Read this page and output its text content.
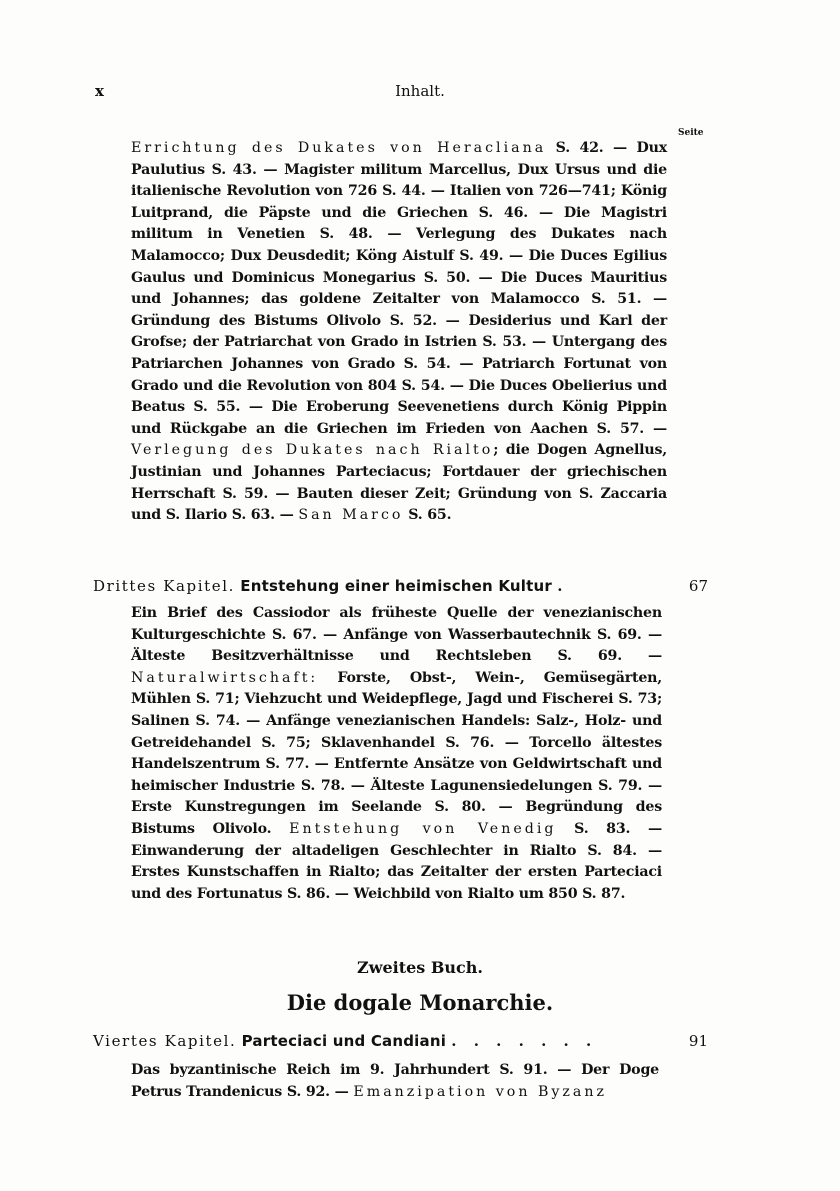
x	Inhalt.
Seite
Errichtung des Dukates von Heracliana S. 42. — Dux Paulutius S. 43. — Magister militum Marcellus, Dux Ursus und die italienische Revolution von 726 S. 44. — Italien von 726—741; König Luitprand, die Päpste und die Griechen S. 46. — Die Magistri militum in Venetien S. 48. — Verlegung des Dukates nach Malamocco; Dux Deusdedit; Köng Aistulf S. 49. — Die Duces Egilius Gaulus und Dominicus Monegarius S. 50. — Die Duces Mauritius und Johannes; das goldene Zeitalter von Malamocco S. 51. — Gründung des Bistums Olivolo S. 52. — Desiderius und Karl der Grofse; der Patriarchat von Grado in Istrien S. 53. — Untergang des Patriarchen Johannes von Grado S. 54. — Patriarch Fortunat von Grado und die Revolution von 804 S. 54. — Die Duces Obelierius und Beatus S. 55. — Die Eroberung Seevenetiens durch König Pippin und Rückgabe an die Griechen im Frieden von Aachen S. 57. — Verlegung des Dukates nach Rialto; die Dogen Agnellus, Justinian und Johannes Parteciacus; Fortdauer der griechischen Herrschaft S. 59. — Bauten dieser Zeit; Gründung von S. Zaccaria und S. Ilario S. 63. — San Marco S. 65.
Drittes Kapitel. Entstehung einer heimischen Kultur .	67
Ein Brief des Cassiodor als früheste Quelle der venezianischen Kulturgeschichte S. 67. — Anfänge von Wasserbautechnik S. 69. — Älteste Besitzverhältnisse und Rechtsleben S. 69. — Naturalwirtschaft: Forste, Obst-, Wein-, Gemüsegärten, Mühlen S. 71; Viehzucht und Weidepflege, Jagd und Fischerei S. 73; Salinen S. 74. — Anfänge venezianischen Handels: Salz-, Holz- und Getreidehandel S. 75; Sklavenhandel S. 76. — Torcello ältestes Handelszentrum S. 77. — Entfernte Ansätze von Geldwirtschaft und heimischer Industrie S. 78. — Älteste Lagunensiedelungen S. 79. — Erste Kunstregungen im Seelande S. 80. — Begründung des Bistums Olivolo. Entstehung von Venedig S. 83. — Einwanderung der altadeligen Geschlechter in Rialto S. 84. — Erstes Kunstschaffen in Rialto; das Zeitalter der ersten Parteciaci und des Fortunatus S. 86. — Weichbild von Rialto um 850 S. 87.
Zweites Buch.
Die dogale Monarchie.
Viertes Kapitel. Parteciaci und Candiani . . . . . . .	91
Das byzantinische Reich im 9. Jahrhundert S. 91. — Der Doge Petrus Trandenicus S. 92. — Emanzipation von Byzanz
